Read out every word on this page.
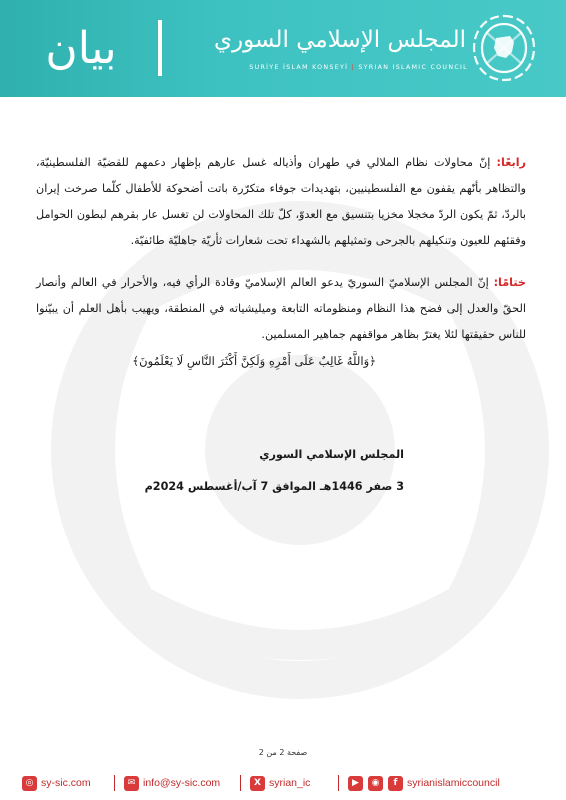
بيان	المجلس الإسلامي السوري
SURİYE İSLAM KONSEYİ | SYRIAN ISLAMIC COUNCIL

رابعًا: إنّ محاولات نظام الملالي في طهران وأذياله غسل عارهم بإظهار دعمهم للقضيّة الفلسطينيّة، والتظاهر بأنّهم يقفون مع الفلسطينيين، بتهديدات جوفاء متكرّرة باتت أضحوكة للأطفال كلّما صرخت إيران بالردّ، ثمّ يكون الردّ مخجلا مخزيا بتنسيق مع العدوّ، كلّ تلك المحاولات لن تغسل عار بقرهم لبطون الحوامل وفقئهم للعيون وتنكيلهم بالجرحى وتمثيلهم بالشهداء تحت شعارات ثأريّة جاهليّة طائفيّة.

ختامًا: إنّ المجلس الإسلاميّ السوريّ يدعو العالم الإسلاميّ وقادة الرأي فيه، والأحرار في العالم وأنصار الحقّ والعدل إلى فضح هذا النظام ومنظوماته التابعة وميليشياته في المنطقة، ويهيب بأهل العلم أن يبيّنوا للناس حقيقتها لئلا يغترّ بظاهر مواقفهم جماهير المسلمين.

﴿وَاللَّهُ غَالِبٌ عَلَى أَمْرِهِ وَلَكِنَّ أَكْثَرَ النَّاسِ لَا يَعْلَمُونَ﴾

المجلس الإسلامي السوري
3 صفر 1446هـ الموافق 7 آب/أغسطس 2024م
صفحة 2 من 2
◎ sy-sic.com	✉ info@sy-sic.com	X syrian_ic	▶	◉	f syrianislamiccouncil
